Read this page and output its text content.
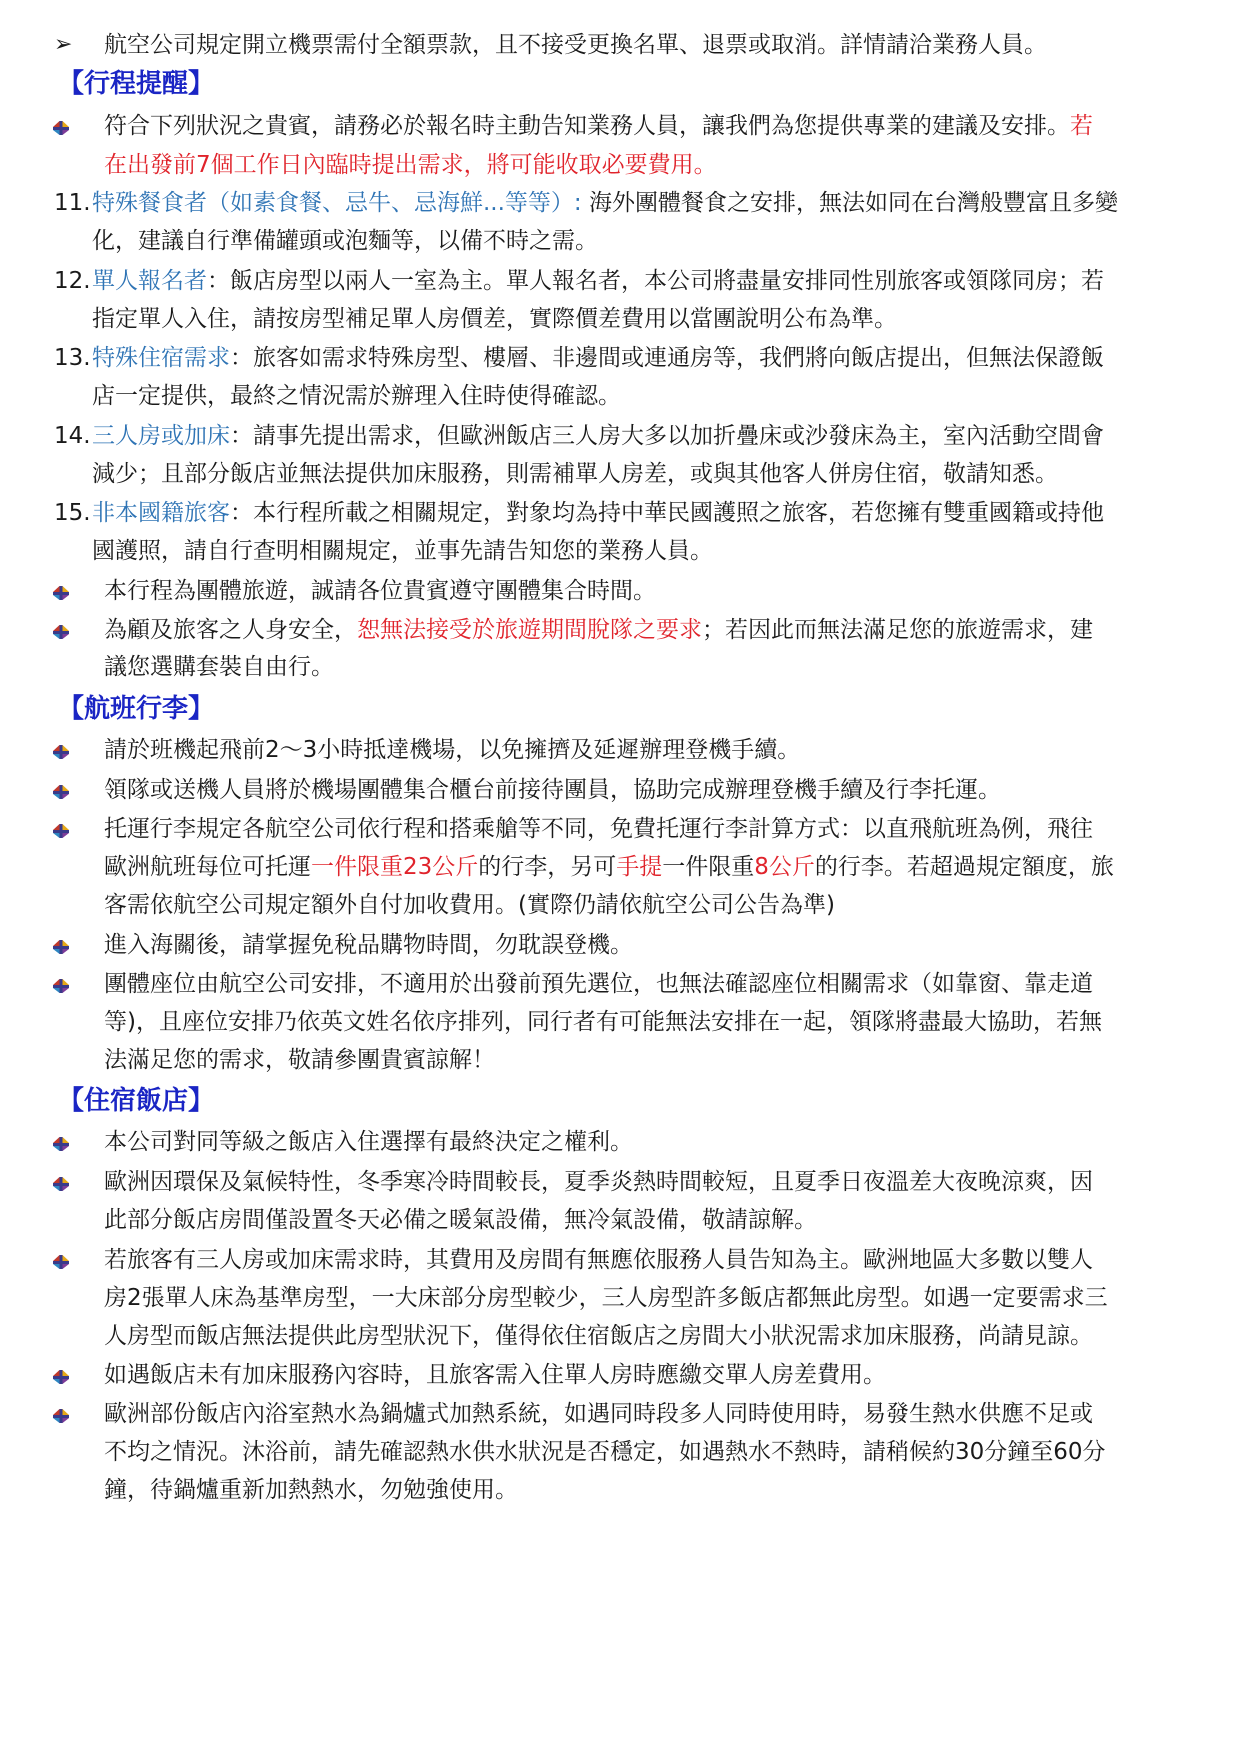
➢ 航空公司規定開立機票需付全額票款，且不接受更換名單、退票或取消。詳情請洽業務人員。
【行程提醒】
符合下列狀況之貴賓，請務必於報名時主動告知業務人員，讓我們為您提供專業的建議及安排。若
在出發前7個工作日內臨時提出需求，將可能收取必要費用。
11. 特殊餐食者（如素食餐、忌牛、忌海鮮...等等）: 海外團體餐食之安排，無法如同在台灣般豐富且多變
化，建議自行準備罐頭或泡麵等，以備不時之需。
12. 單人報名者：飯店房型以兩人一室為主。單人報名者，本公司將盡量安排同性別旅客或領隊同房；若
指定單人入住，請按房型補足單人房價差，實際價差費用以當團說明公布為準。
13. 特殊住宿需求：旅客如需求特殊房型、樓層、非邊間或連通房等，我們將向飯店提出，但無法保證飯
店一定提供，最終之情況需於辦理入住時使得確認。
14. 三人房或加床：請事先提出需求，但歐洲飯店三人房大多以加折疊床或沙發床為主，室內活動空間會
減少；且部分飯店並無法提供加床服務，則需補單人房差，或與其他客人併房住宿，敬請知悉。
15. 非本國籍旅客：本行程所載之相關規定，對象均為持中華民國護照之旅客，若您擁有雙重國籍或持他
國護照，請自行查明相關規定，並事先請告知您的業務人員。
本行程為團體旅遊，誠請各位貴賓遵守團體集合時間。
為顧及旅客之人身安全，恕無法接受於旅遊期間脫隊之要求；若因此而無法滿足您的旅遊需求，建
議您選購套裝自由行。
【航班行李】
請於班機起飛前2～3小時抵達機場，以免擁擠及延遲辦理登機手續。
領隊或送機人員將於機場團體集合櫃台前接待團員，協助完成辦理登機手續及行李托運。
托運行李規定各航空公司依行程和搭乘艙等不同，免費托運行李計算方式：以直飛航班為例，飛往
歐洲航班每位可托運一件限重23公斤的行李，另可手提一件限重8公斤的行李。若超過規定額度，旅
客需依航空公司規定額外自付加收費用。(實際仍請依航空公司公告為準)
進入海關後，請掌握免稅品購物時間，勿耽誤登機。
團體座位由航空公司安排，不適用於出發前預先選位，也無法確認座位相關需求（如靠窗、靠走道
等)，且座位安排乃依英文姓名依序排列，同行者有可能無法安排在一起，領隊將盡最大協助，若無
法滿足您的需求，敬請參團貴賓諒解！
【住宿飯店】
本公司對同等級之飯店入住選擇有最終決定之權利。
歐洲因環保及氣候特性，冬季寒冷時間較長，夏季炎熱時間較短，且夏季日夜溫差大夜晚涼爽，因
此部分飯店房間僅設置冬天必備之暖氣設備，無冷氣設備，敬請諒解。
若旅客有三人房或加床需求時，其費用及房間有無應依服務人員告知為主。歐洲地區大多數以雙人
房2張單人床為基準房型，一大床部分房型較少，三人房型許多飯店都無此房型。如遇一定要需求三
人房型而飯店無法提供此房型狀況下，僅得依住宿飯店之房間大小狀況需求加床服務，尚請見諒。
如遇飯店未有加床服務內容時，且旅客需入住單人房時應繳交單人房差費用。
歐洲部份飯店內浴室熱水為鍋爐式加熱系統，如遇同時段多人同時使用時，易發生熱水供應不足或
不均之情況。沐浴前，請先確認熱水供水狀況是否穩定，如遇熱水不熱時，請稍候約30分鐘至60分
鐘，待鍋爐重新加熱熱水，勿勉強使用。
